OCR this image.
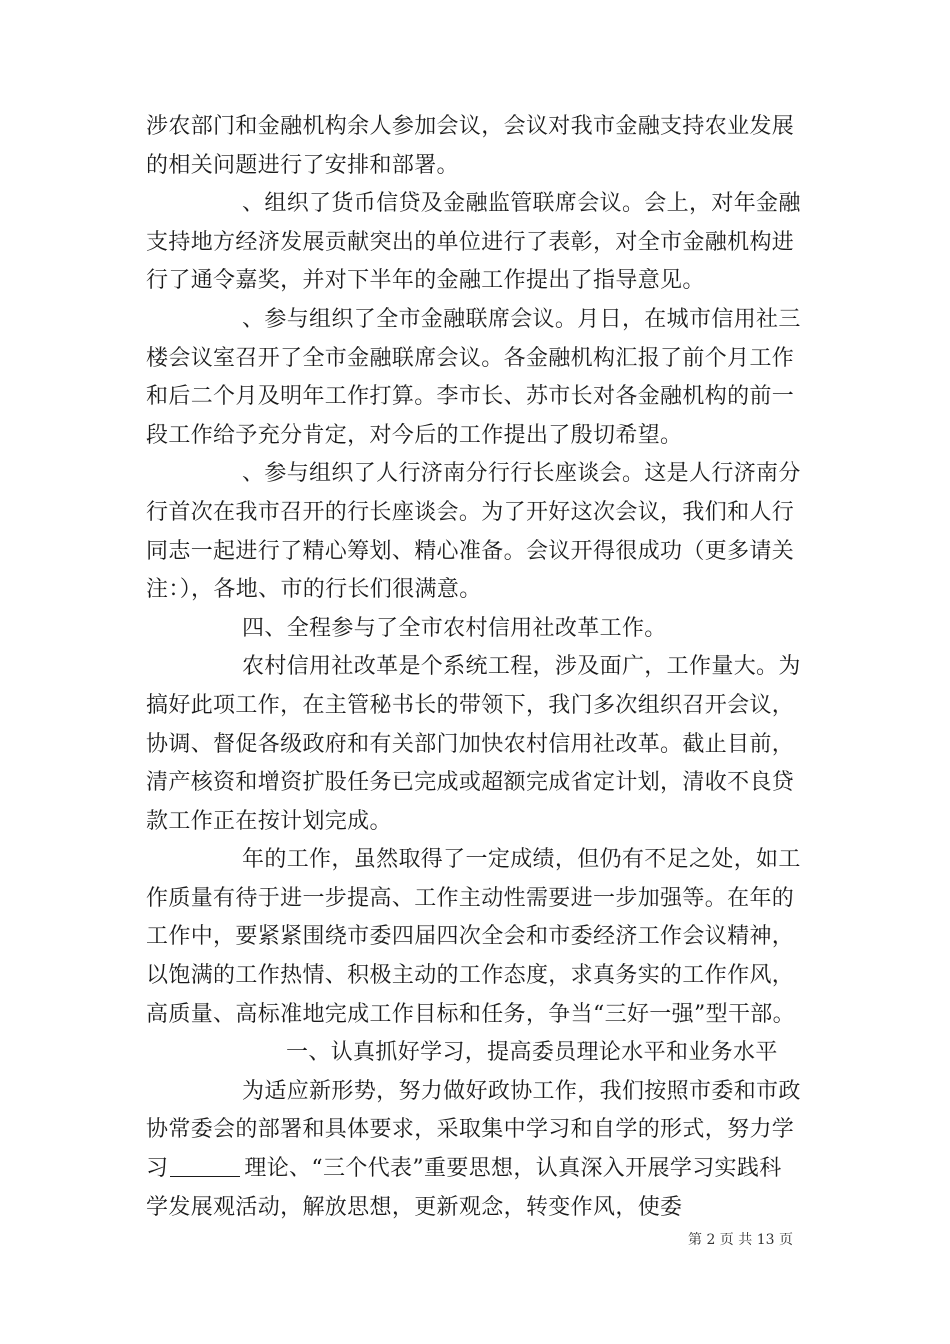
涉农部门和金融机构余人参加会议，会议对我市金融支持农业发展
的相关问题进行了安排和部署。
、组织了货币信贷及金融监管联席会议。会上，对年金融
支持地方经济发展贡献突出的单位进行了表彰，对全市金融机构进
行了通令嘉奖，并对下半年的金融工作提出了指导意见。
、参与组织了全市金融联席会议。月日，在城市信用社三
楼会议室召开了全市金融联席会议。各金融机构汇报了前个月工作
和后二个月及明年工作打算。李市长、苏市长对各金融机构的前一
段工作给予充分肯定，对今后的工作提出了殷切希望。
、参与组织了人行济南分行行长座谈会。这是人行济南分
行首次在我市召开的行长座谈会。为了开好这次会议，我们和人行
同志一起进行了精心筹划、精心准备。会议开得很成功（更多请关
注：），各地、市的行长们很满意。
四、全程参与了全市农村信用社改革工作。
农村信用社改革是个系统工程，涉及面广，工作量大。为
搞好此项工作，在主管秘书长的带领下，我门多次组织召开会议，
协调、督促各级政府和有关部门加快农村信用社改革。截止目前，
清产核资和增资扩股任务已完成或超额完成省定计划，清收不良贷
款工作正在按计划完成。
年的工作，虽然取得了一定成绩，但仍有不足之处，如工
作质量有待于进一步提高、工作主动性需要进一步加强等。在年的
工作中，要紧紧围绕市委四届四次全会和市委经济工作会议精神，
以饱满的工作热情、积极主动的工作态度，求真务实的工作作风，
高质量、高标准地完成工作目标和任务，争当“三好一强”型干部。
一、认真抓好学习，提高委员理论水平和业务水平
为适应新形势，努力做好政协工作，我们按照市委和市政
协常委会的部署和具体要求，采取集中学习和自学的形式，努力学
习	理论、“三个代表”重要思想，认真深入开展学习实践科
学发展观活动，解放思想，更新观念，转变作风，使委
第 2 页 共 13 页
